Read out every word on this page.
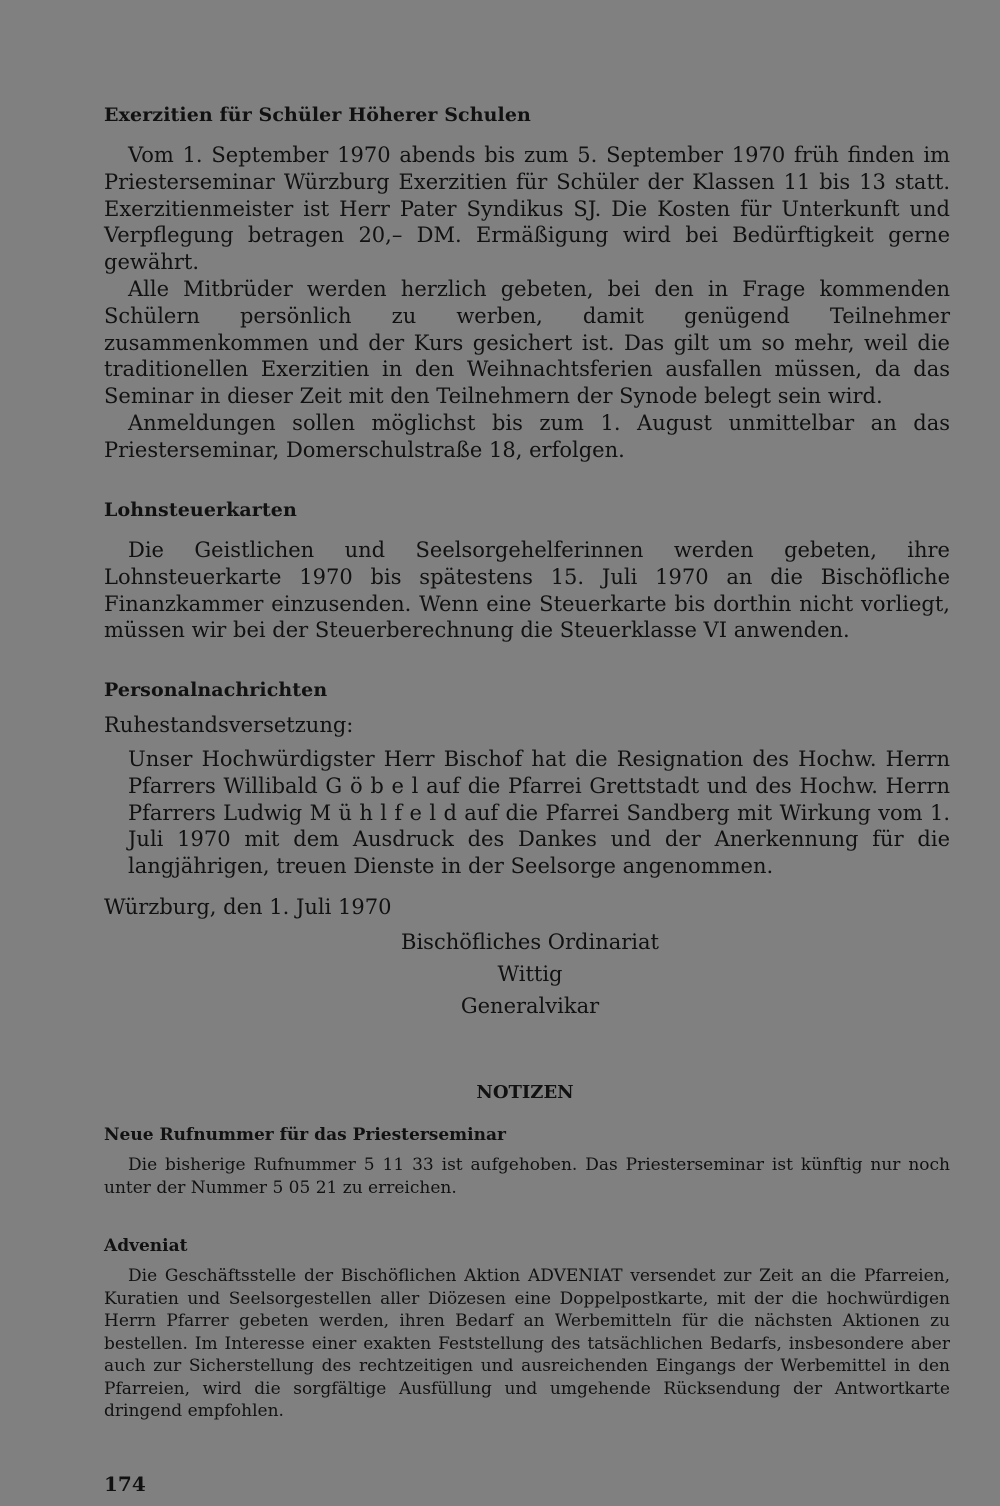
Exerzitien für Schüler Höherer Schulen

Vom 1. September 1970 abends bis zum 5. September 1970 früh finden im Priesterseminar Würzburg Exerzitien für Schüler der Klassen 11 bis 13 statt. Exerzitienmeister ist Herr Pater Syndikus SJ. Die Kosten für Unterkunft und Verpflegung betragen 20,– DM. Ermäßigung wird bei Bedürftigkeit gerne gewährt.

Alle Mitbrüder werden herzlich gebeten, bei den in Frage kommenden Schülern persönlich zu werben, damit genügend Teilnehmer zusammenkommen und der Kurs gesichert ist. Das gilt um so mehr, weil die traditionellen Exerzitien in den Weihnachtsferien ausfallen müssen, da das Seminar in dieser Zeit mit den Teilnehmern der Synode belegt sein wird.

Anmeldungen sollen möglichst bis zum 1. August unmittelbar an das Priesterseminar, Domerschulstraße 18, erfolgen.

Lohnsteuerkarten

Die Geistlichen und Seelsorgehelferinnen werden gebeten, ihre Lohnsteuerkarte 1970 bis spätestens 15. Juli 1970 an die Bischöfliche Finanzkammer einzusenden. Wenn eine Steuerkarte bis dorthin nicht vorliegt, müssen wir bei der Steuerberechnung die Steuerklasse VI anwenden.

Personalnachrichten
Ruhestandsversetzung:

Unser Hochwürdigster Herr Bischof hat die Resignation des Hochw. Herrn Pfarrers Willibald G ö b e l auf die Pfarrei Grettstadt und des Hochw. Herrn Pfarrers Ludwig M ü h l f e l d auf die Pfarrei Sandberg mit Wirkung vom 1. Juli 1970 mit dem Ausdruck des Dankes und der Anerkennung für die langjährigen, treuen Dienste in der Seelsorge angenommen.

Würzburg, den 1. Juli 1970
Bischöfliches Ordinariat
Wittig
Generalvikar
NOTIZEN
Neue Rufnummer für das Priesterseminar

Die bisherige Rufnummer 5 11 33 ist aufgehoben. Das Priesterseminar ist künftig nur noch unter der Nummer 5 05 21 zu erreichen.

Adveniat

Die Geschäftsstelle der Bischöflichen Aktion ADVENIAT versendet zur Zeit an die Pfarreien, Kuratien und Seelsorgestellen aller Diözesen eine Doppelpostkarte, mit der die hochwürdigen Herrn Pfarrer gebeten werden, ihren Bedarf an Werbemitteln für die nächsten Aktionen zu bestellen. Im Interesse einer exakten Feststellung des tatsächlichen Bedarfs, insbesondere aber auch zur Sicherstellung des rechtzeitigen und ausreichenden Eingangs der Werbemittel in den Pfarreien, wird die sorgfältige Ausfüllung und umgehende Rücksendung der Antwortkarte dringend empfohlen.

174
